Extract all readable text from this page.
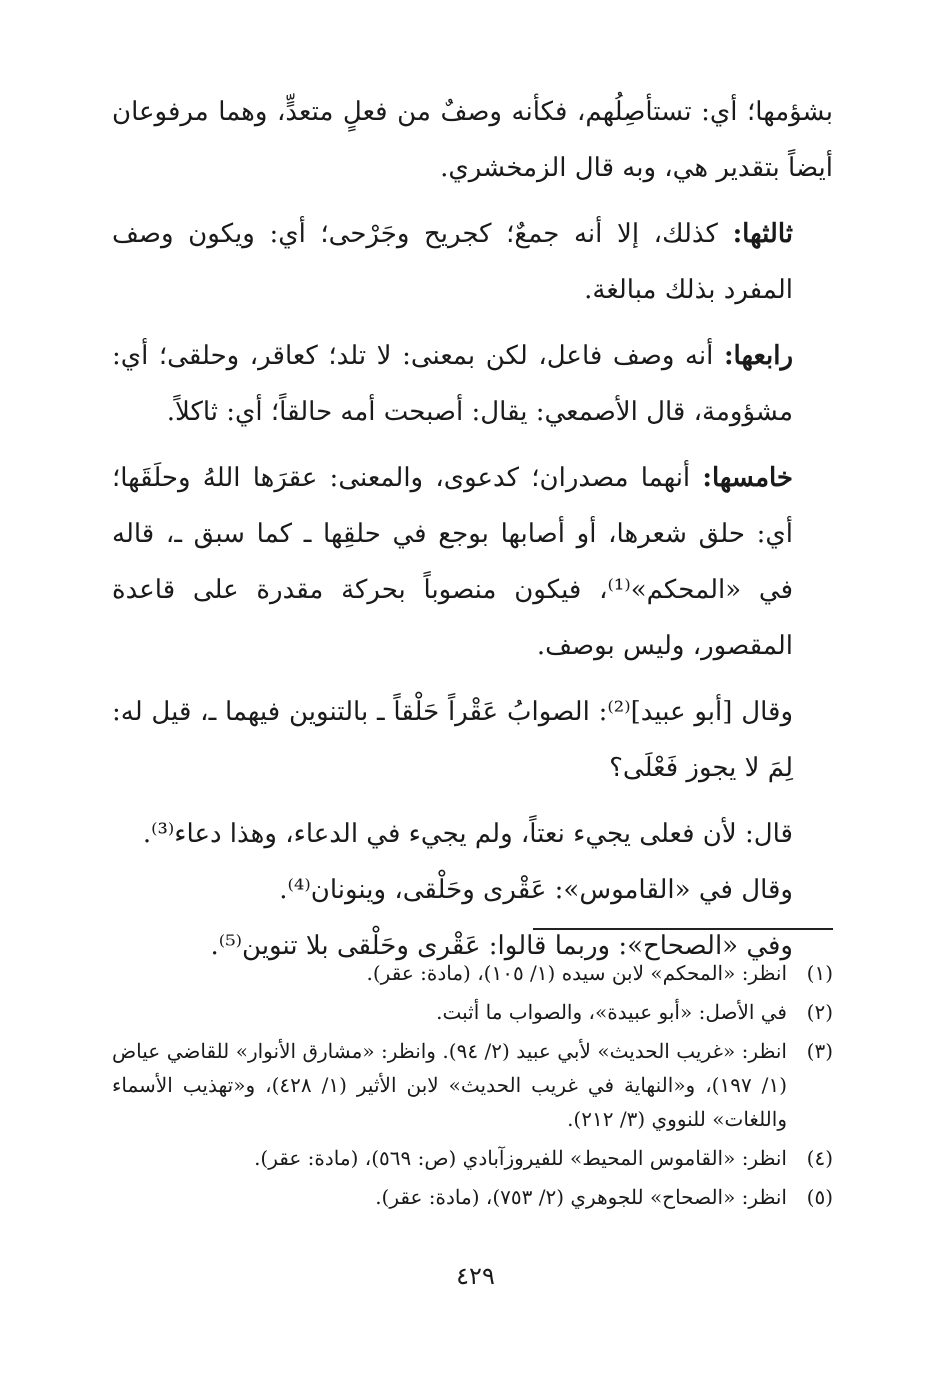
بشؤمها؛ أي: تستأصِلُهم، فكأنه وصفٌ من فعلٍ متعدٍّ، وهما مرفوعان أيضاً بتقدير هي، وبه قال الزمخشري.

ثالثها: كذلك، إلا أنه جمعٌ؛ كجريح وجَرْحى؛ أي: ويكون وصف المفرد بذلك مبالغة.

رابعها: أنه وصف فاعل، لكن بمعنى: لا تلد؛ كعاقر، وحلقى؛ أي: مشؤومة، قال الأصمعي: يقال: أصبحت أمه حالقاً؛ أي: ثاكلاً.

خامسها: أنهما مصدران؛ كدعوى، والمعنى: عقرَها اللهُ وحلَقَها؛ أي: حلق شعرها، أو أصابها بوجع في حلقِها ـ كما سبق ـ، قاله في «المحكم»⁽¹⁾، فيكون منصوباً بحركة مقدرة على قاعدة المقصور، وليس بوصف.

وقال [أبو عبيد]⁽²⁾: الصوابُ عَقْراً حَلْقاً ـ بالتنوين فيهما ـ، قيل له: لِمَ لا يجوز فَعْلَى؟

قال: لأن فعلى يجيء نعتاً، ولم يجيء في الدعاء، وهذا دعاء⁽³⁾.

وقال في «القاموس»: عَقْرى وحَلْقى، وينونان⁽⁴⁾.

وفي «الصحاح»: وربما قالوا: عَقْرى وحَلْقى بلا تنوين⁽⁵⁾.

(١)
انظر: «المحكم» لابن سيده (١/ ١٠٥)، (مادة: عقر).
(٢)
في الأصل: «أبو عبيدة»، والصواب ما أثبت.
(٣)
انظر: «غريب الحديث» لأبي عبيد (٢/ ٩٤). وانظر: «مشارق الأنوار» للقاضي عياض (١/ ١٩٧)، و«النهاية في غريب الحديث» لابن الأثير (١/ ٤٢٨)، و«تهذيب الأسماء واللغات» للنووي (٣/ ٢١٢).
(٤)
انظر: «القاموس المحيط» للفيروزآبادي (ص: ٥٦٩)، (مادة: عقر).
(٥)
انظر: «الصحاح» للجوهري (٢/ ٧٥٣)، (مادة: عقر).
٤٢٩
